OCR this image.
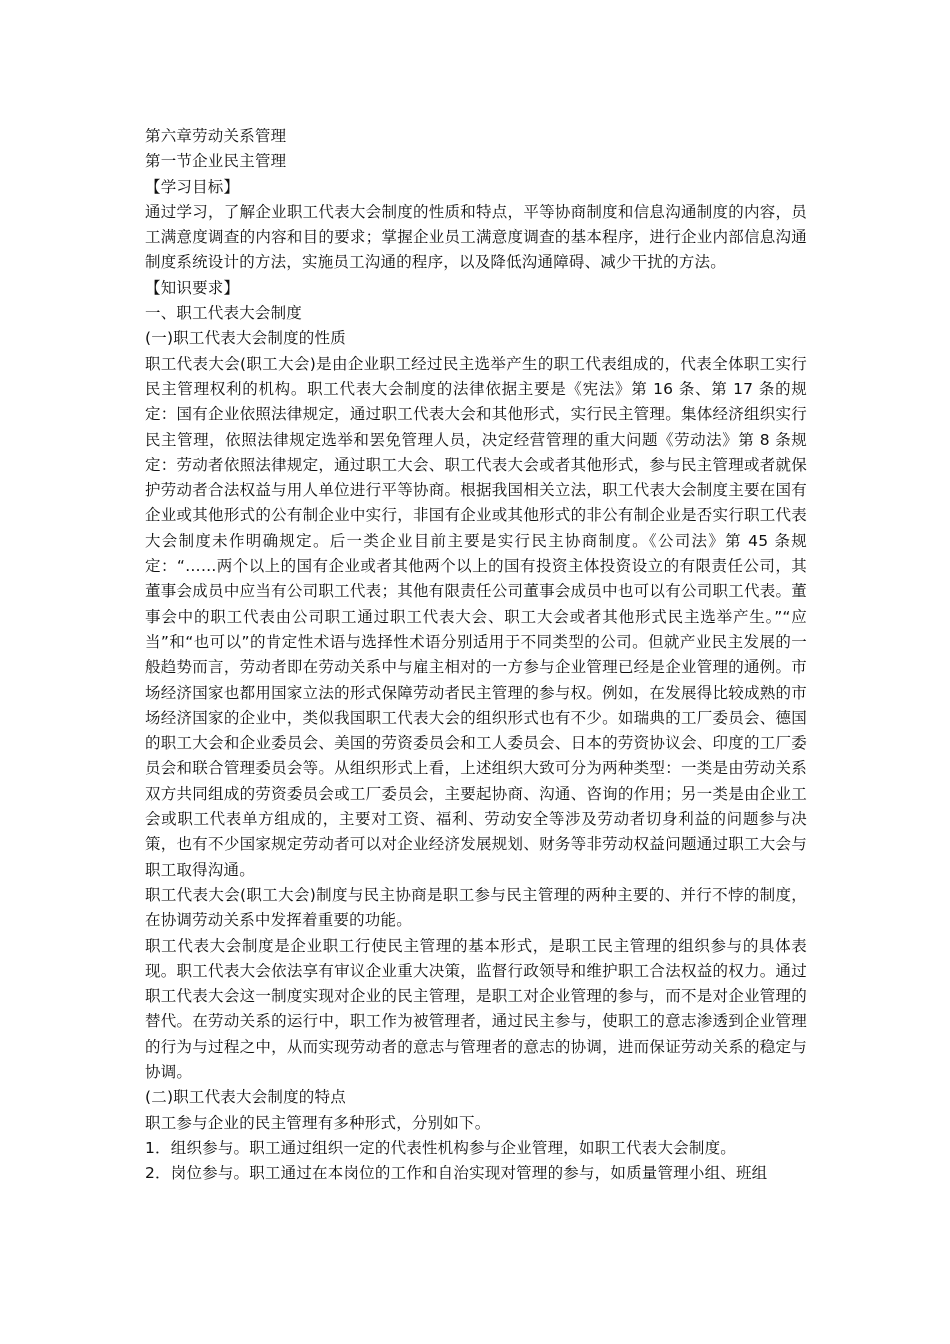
第六章劳动关系管理
第一节企业民主管理
【学习目标】
通过学习，了解企业职工代表大会制度的性质和特点，平等协商制度和信息沟通制度的内容，员工满意度调查的内容和目的要求；掌握企业员工满意度调查的基本程序，进行企业内部信息沟通制度系统设计的方法，实施员工沟通的程序，以及降低沟通障碍、减少干扰的方法。
【知识要求】
一、职工代表大会制度
(一)职工代表大会制度的性质
职工代表大会(职工大会)是由企业职工经过民主选举产生的职工代表组成的，代表全体职工实行民主管理权利的机构。职工代表大会制度的法律依据主要是《宪法》第 16 条、第 17 条的规定：国有企业依照法律规定，通过职工代表大会和其他形式，实行民主管理。集体经济组织实行民主管理，依照法律规定选举和罢免管理人员，决定经营管理的重大问题《劳动法》第 8 条规定：劳动者依照法律规定，通过职工大会、职工代表大会或者其他形式，参与民主管理或者就保护劳动者合法权益与用人单位进行平等协商。根据我国相关立法，职工代表大会制度主要在国有企业或其他形式的公有制企业中实行，非国有企业或其他形式的非公有制企业是否实行职工代表大会制度未作明确规定。后一类企业目前主要是实行民主协商制度。《公司法》第 45 条规定：“……两个以上的国有企业或者其他两个以上的国有投资主体投资设立的有限责任公司，其董事会成员中应当有公司职工代表；其他有限责任公司董事会成员中也可以有公司职工代表。董事会中的职工代表由公司职工通过职工代表大会、职工大会或者其他形式民主选举产生。”“应当”和“也可以”的肯定性术语与选择性术语分别适用于不同类型的公司。但就产业民主发展的一般趋势而言，劳动者即在劳动关系中与雇主相对的一方参与企业管理已经是企业管理的通例。市场经济国家也都用国家立法的形式保障劳动者民主管理的参与权。例如，在发展得比较成熟的市场经济国家的企业中，类似我国职工代表大会的组织形式也有不少。如瑞典的工厂委员会、德国的职工大会和企业委员会、美国的劳资委员会和工人委员会、日本的劳资协议会、印度的工厂委员会和联合管理委员会等。从组织形式上看，上述组织大致可分为两种类型：一类是由劳动关系双方共同组成的劳资委员会或工厂委员会，主要起协商、沟通、咨询的作用；另一类是由企业工会或职工代表单方组成的，主要对工资、福利、劳动安全等涉及劳动者切身利益的问题参与决策，也有不少国家规定劳动者可以对企业经济发展规划、财务等非劳动权益问题通过职工大会与职工取得沟通。
职工代表大会(职工大会)制度与民主协商是职工参与民主管理的两种主要的、并行不悖的制度，在协调劳动关系中发挥着重要的功能。
职工代表大会制度是企业职工行使民主管理的基本形式，是职工民主管理的组织参与的具体表现。职工代表大会依法享有审议企业重大决策，监督行政领导和维护职工合法权益的权力。通过职工代表大会这一制度实现对企业的民主管理，是职工对企业管理的参与，而不是对企业管理的替代。在劳动关系的运行中，职工作为被管理者，通过民主参与，使职工的意志渗透到企业管理的行为与过程之中，从而实现劳动者的意志与管理者的意志的协调，进而保证劳动关系的稳定与协调。
(二)职工代表大会制度的特点
职工参与企业的民主管理有多种形式，分别如下。
1．组织参与。职工通过组织一定的代表性机构参与企业管理，如职工代表大会制度。
2．岗位参与。职工通过在本岗位的工作和自治实现对管理的参与，如质量管理小组、班组
